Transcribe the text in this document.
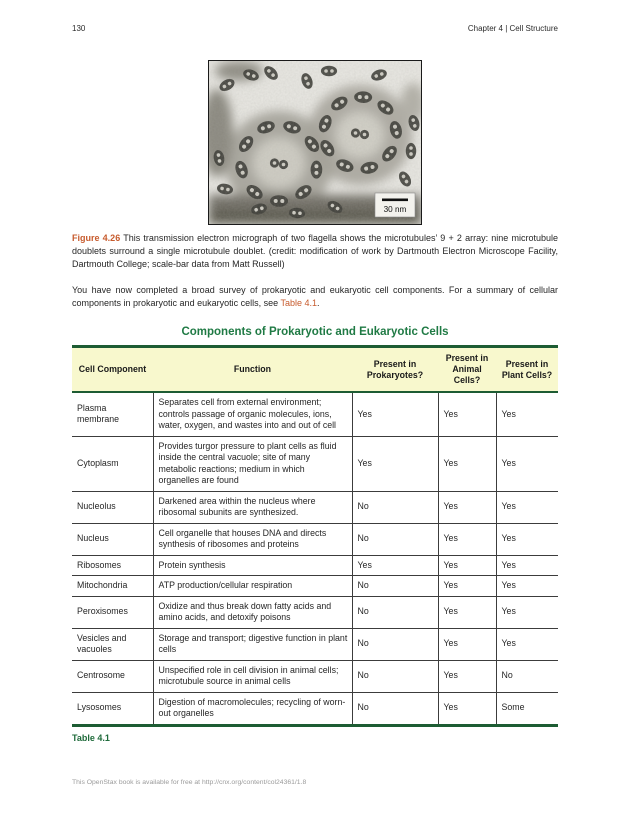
130	Chapter 4 | Cell Structure
30 nm
Figure 4.26 This transmission electron micrograph of two flagella shows the microtubules’ 9 + 2 array: nine microtubule doublets surround a single microtubule doublet. (credit: modification of work by Dartmouth Electron Microscope Facility, Dartmouth College; scale-bar data from Matt Russell)

You have now completed a broad survey of prokaryotic and eukaryotic cell components. For a summary of cellular components in prokaryotic and eukaryotic cells, see Table 4.1.

Components of Prokaryotic and Eukaryotic Cells
Cell Component	Function	Present in Prokaryotes?	Present in Animal Cells?	Present in Plant Cells?
Plasma membrane	Separates cell from external environment; controls passage of organic molecules, ions, water, oxygen, and wastes into and out of cell	Yes	Yes	Yes
Cytoplasm	Provides turgor pressure to plant cells as fluid inside the central vacuole; site of many metabolic reactions; medium in which organelles are found	Yes	Yes	Yes
Nucleolus	Darkened area within the nucleus where ribosomal subunits are synthesized.	No	Yes	Yes
Nucleus	Cell organelle that houses DNA and directs synthesis of ribosomes and proteins	No	Yes	Yes
Ribosomes	Protein synthesis	Yes	Yes	Yes
Mitochondria	ATP production/cellular respiration	No	Yes	Yes
Peroxisomes	Oxidize and thus break down fatty acids and amino acids, and detoxify poisons	No	Yes	Yes
Vesicles and vacuoles	Storage and transport; digestive function in plant cells	No	Yes	Yes
Centrosome	Unspecified role in cell division in animal cells; microtubule source in animal cells	No	Yes	No
Lysosomes	Digestion of macromolecules; recycling of worn-out organelles	No	Yes	Some
Table 4.1
This OpenStax book is available for free at http://cnx.org/content/col24361/1.8
